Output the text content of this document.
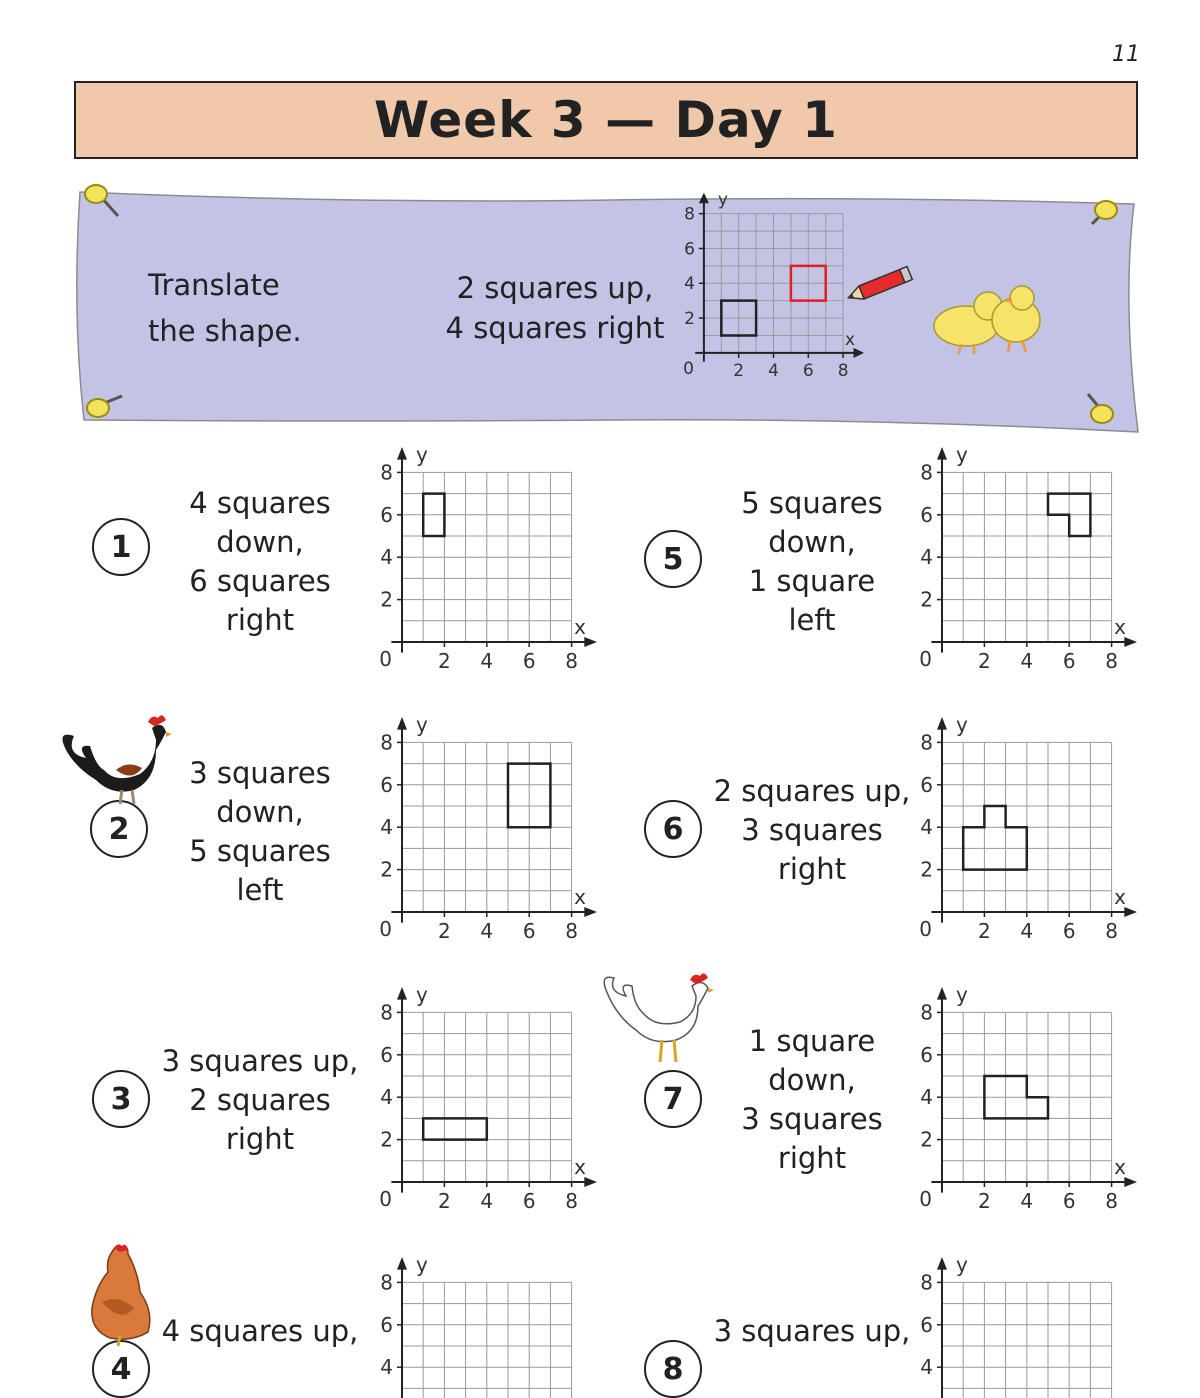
11
Week 3 — Day 1
Translate
the shape.
2 squares up,
4 squares right
2 4 6 8
2
4
6
8
0
x
y
1
4 squares
down,
6 squares
right
2 4 6 8
2
4
6
8
0
x
y
2
3 squares
down,
5 squares
left
2 4 6 8
2
4
6
8
0
x
y
3
3 squares up,
2 squares
right
2 4 6 8
2
4
6
8
0
x
y
4
4 squares up,
4
6
8
y
5
5 squares
down,
1 square
left
2 4 6 8
2
4
6
8
0
x
y
6
2 squares up,
3 squares
right
2 4 6 8
2
4
6
8
0
x
y
7
1 square
down,
3 squares
right
2 4 6 8
2
4
6
8
0
x
y
8
3 squares up,
4
6
8
y
